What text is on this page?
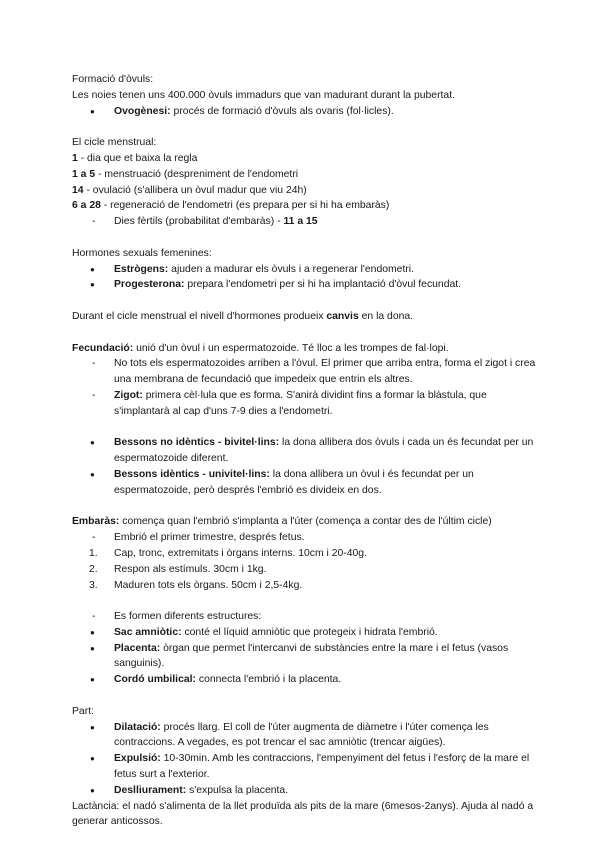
Formació d'òvuls:

Les noies tenen uns 400.000 òvuls immadurs que van madurant durant la pubertat.

● Ovogènesi: procés de formació d'òvuls als ovaris (fol·licles).

El cicle menstrual:

1 - dia que et baixa la regla

1 a 5 - menstruació (despreniment de l'endometri

14 - ovulació (s'allibera un òvul madur que viu 24h)

6 a 28 - regeneració de l'endometri (es prepara per si hi ha embaràs)

- Dies fèrtils (probabilitat d'embaràs) - 11 a 15

Hormones sexuals femenines:

● Estrògens: ajuden a madurar els òvuls i a regenerar l'endometri.
● Progesterona: prepara l'endometri per si hi ha implantació d'òvul fecundat.

Durant el cicle menstrual el nivell d'hormones produeix canvis en la dona.

Fecundació: unió d'un òvul i un espermatozoide. Té lloc a les trompes de fal·lopi.

- No tots els espermatozoides arriben a l'òvul. El primer que arriba entra, forma el zigot i crea una membrana de fecundació que impedeix que entrin els altres.
- Zigot: primera cèl·lula que es forma. S'anirà dividint fins a formar la blàstula, que s'implantarà al cap d'uns 7-9 dies a l'endometri.
● Bessons no idèntics - bivitel·lins: la dona allibera dos òvuls i cada un és fecundat per un espermatozoide diferent.
● Bessons idèntics - univitel·lins: la dona allibera un òvul i és fecundat per un espermatozoide, però després l'embrió es divideix en dos.

Embaràs: comença quan l'embrió s'implanta a l'úter (comença a contar des de l'últim cicle)

- Embrió el primer trimestre, després fetus.
1. Cap, tronc, extremitats i òrgans interns. 10cm i 20-40g.
2. Respon als estímuls. 30cm i 1kg.
3. Maduren tots els òrgans. 50cm i 2,5-4kg.
- Es formen diferents estructures:
● Sac amniòtic: conté el líquid amniòtic que protegeix i hidrata l'embrió.
● Placenta: òrgan que permet l'intercanvi de substàncies entre la mare i el fetus (vasos sanguinis).
● Cordó umbilical: connecta l'embrió i la placenta.

Part:

● Dilatació: procés llarg. El coll de l'úter augmenta de diàmetre i l'úter comença les contraccions. A vegades, es pot trencar el sac amniòtic (trencar aigües).
● Expulsió: 10-30min. Amb les contraccions, l'empenyiment del fetus i l'esforç de la mare el fetus surt a l'exterior.
● Deslliurament: s'expulsa la placenta.

Lactància: el nadó s'alimenta de la llet produïda als pits de la mare (6mesos-2anys). Ajuda al nadó a generar anticossos.
